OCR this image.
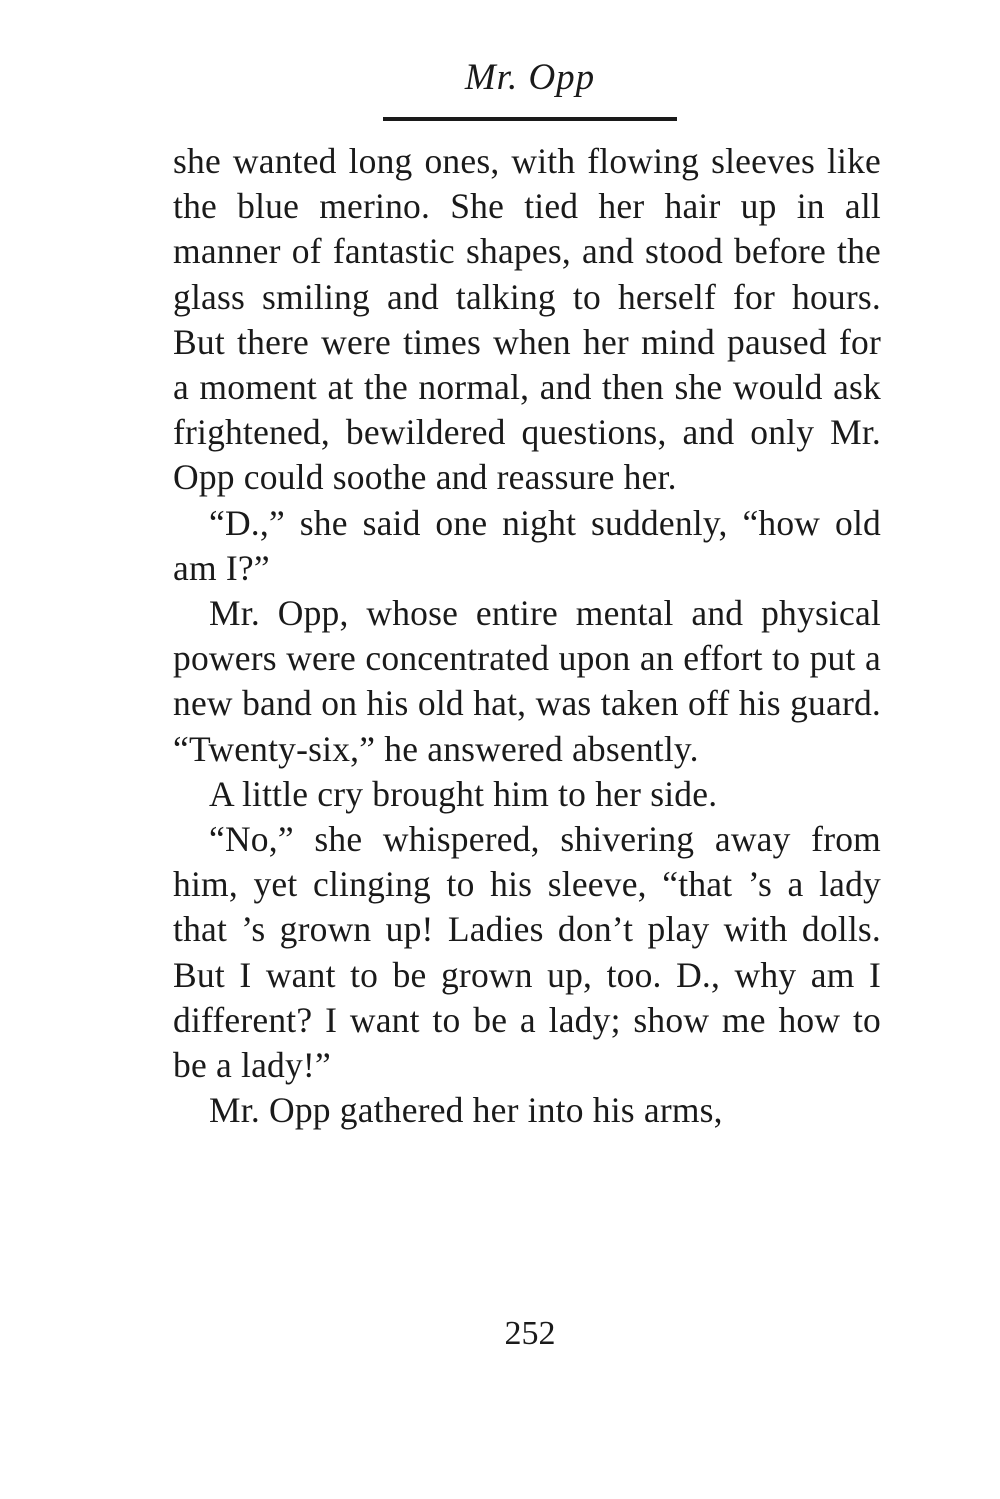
Mr. Opp

she wanted long ones, with flowing sleeves like the blue merino. She tied her hair up in all manner of fantastic shapes, and stood before the glass smiling and talking to herself for hours. But there were times when her mind paused for a moment at the normal, and then she would ask frightened, bewildered questions, and only Mr. Opp could soothe and reassure her.

“D.,” she said one night suddenly, “how old am I?”

Mr. Opp, whose entire mental and physical powers were concentrated upon an effort to put a new band on his old hat, was taken off his guard. “Twenty-six,” he answered absently.

A little cry brought him to her side.

“No,” she whispered, shivering away from him, yet clinging to his sleeve, “that ’s a lady that ’s grown up! Ladies don’t play with dolls. But I want to be grown up, too. D., why am I different? I want to be a lady; show me how to be a lady!”

Mr. Opp gathered her into his arms,

252
